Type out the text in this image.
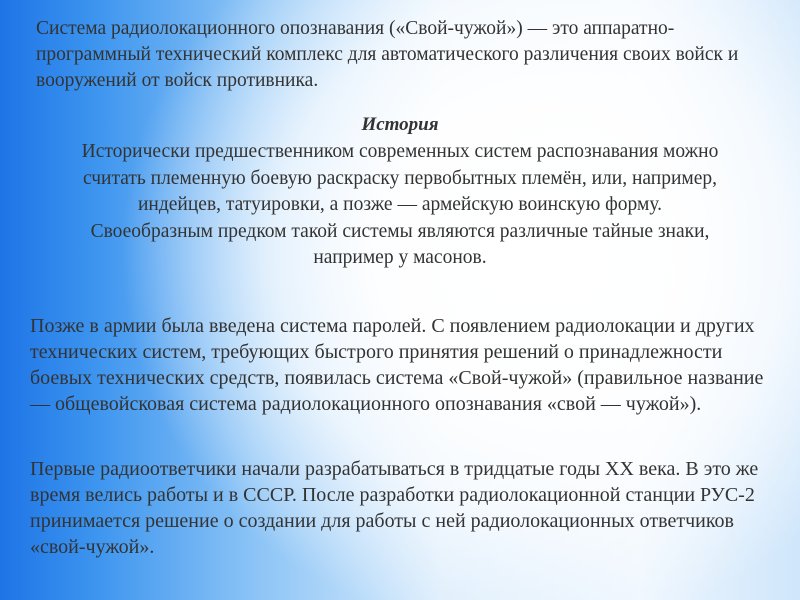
Система радиолокационного опознавания («Свой-чужой») — это аппаратно-программный технический комплекс для автоматического различения своих войск и вооружений от войск противника.

История
Исторически предшественником современных систем распознавания можно
считать племенную боевую раскраску первобытных племён, или, например,
индейцев, татуировки, а позже — армейскую воинскую форму.
Своеобразным предком такой системы являются различные тайные знаки,
например у масонов.

Позже в армии была введена система паролей. С появлением радиолокации и других технических систем, требующих быстрого принятия решений о принадлежности боевых технических средств, появилась система «Свой-чужой» (правильное название — общевойсковая система радиолокационного опознавания «свой — чужой»).

Первые радиоответчики начали разрабатываться в тридцатые годы XX века. В это же время велись работы и в СССР. После разработки радиолокационной станции РУС-2 принимается решение о создании для работы с ней радиолокационных ответчиков «свой-чужой».
